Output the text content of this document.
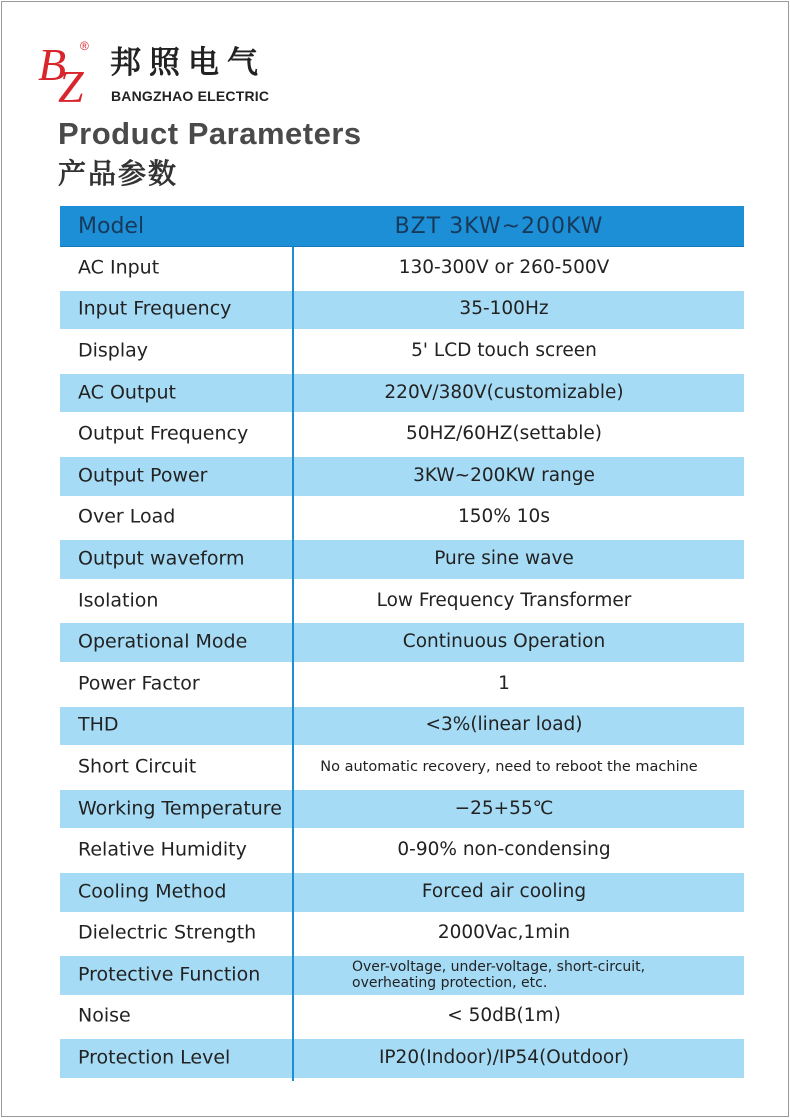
B
Z
® 邦照电气
BANGZHAO ELECTRIC
Product Parameters
产品参数
Model	BZT 3KW~200KW
AC Input	130-300V or 260-500V
Input Frequency	35-100Hz
Display	5' LCD touch screen
AC Output	220V/380V(customizable)
Output Frequency	50HZ/60HZ(settable)
Output Power	3KW~200KW range
Over Load	150% 10s
Output waveform	Pure sine wave
Isolation	Low Frequency Transformer
Operational Mode	Continuous Operation
Power Factor	1
THD	<3%(linear load)
Short Circuit	No automatic recovery, need to reboot the machine
Working Temperature	−25+55℃
Relative Humidity	0-90% non-condensing
Cooling Method	Forced air cooling
Dielectric Strength	2000Vac,1min
Protective Function	Over-voltage, under-voltage, short-circuit, overheating protection, etc.
Noise	< 50dB(1m)
Protection Level	IP20(Indoor)/IP54(Outdoor)
